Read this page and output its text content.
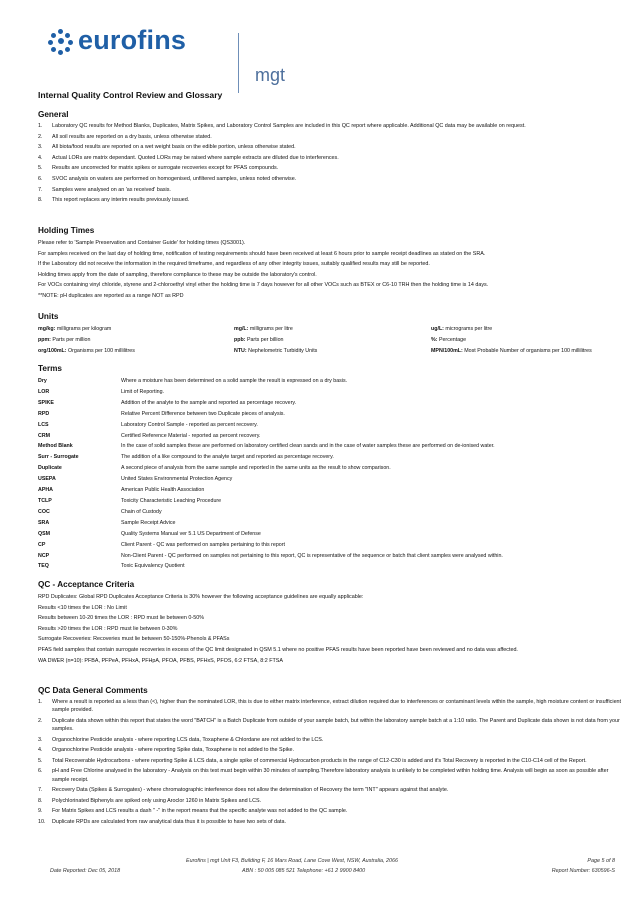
eurofins
mgt
Internal Quality Control Review and Glossary
General
1. Laboratory QC results for Method Blanks, Duplicates, Matrix Spikes, and Laboratory Control Samples are included in this QC report where applicable. Additional QC data may be available on request.
2. All soil results are reported on a dry basis, unless otherwise stated.
3. All biota/food results are reported on a wet weight basis on the edible portion, unless otherwise stated.
4. Actual LORs are matrix dependant. Quoted LORs may be raised where sample extracts are diluted due to interferences.
5. Results are uncorrected for matrix spikes or surrogate recoveries except for PFAS compounds.
6. SVOC analysis on waters are performed on homogenised, unfiltered samples, unless noted otherwise.
7. Samples were analysed on an 'as received' basis.
8. This report replaces any interim results previously issued.
Holding Times

Please refer to 'Sample Preservation and Container Guide' for holding times (QS3001).

For samples received on the last day of holding time, notification of testing requirements should have been received at least 6 hours prior to sample receipt deadlines as stated on the SRA.

If the Laboratory did not receive the information in the required timeframe, and regardless of any other integrity issues, suitably qualified results may still be reported.

Holding times apply from the date of sampling, therefore compliance to these may be outside the laboratory's control.

For VOCs containing vinyl chloride, styrene and 2-chloroethyl vinyl ether the holding time is 7 days however for all other VOCs such as BTEX or C6-10 TRH then the holding time is 14 days.

**NOTE: pH duplicates are reported as a range NOT as RPD

Units
mg/kg: milligrams per kilogram	mg/L: milligrams per litre	ug/L: micrograms per litre
ppm: Parts per million	ppb: Parts per billion	%: Percentage
org/100mL: Organisms per 100 millilitres	NTU: Nephelometric Turbidity Units	MPN/100mL: Most Probable Number of organisms per 100 millilitres
Terms
Dry	Where a moisture has been determined on a solid sample the result is expressed on a dry basis.
LOR	Limit of Reporting.
SPIKE	Addition of the analyte to the sample and reported as percentage recovery.
RPD	Relative Percent Difference between two Duplicate pieces of analysis.
LCS	Laboratory Control Sample - reported as percent recovery.
CRM	Certified Reference Material - reported as percent recovery.
Method Blank	In the case of solid samples these are performed on laboratory certified clean sands and in the case of water samples these are performed on de-ionised water.
Surr - Surrogate	The addition of a like compound to the analyte target and reported as percentage recovery.
Duplicate	A second piece of analysis from the same sample and reported in the same units as the result to show comparison.
USEPA	United States Environmental Protection Agency
APHA	American Public Health Association
TCLP	Toxicity Characteristic Leaching Procedure
COC	Chain of Custody
SRA	Sample Receipt Advice
QSM	Quality Systems Manual ver 5.1 US Department of Defense
CP	Client Parent - QC was performed on samples pertaining to this report
NCP	Non-Client Parent - QC performed on samples not pertaining to this report, QC is representative of the sequence or batch that client samples were analysed within.
TEQ	Toxic Equivalency Quotient
QC - Acceptance Criteria

RPD Duplicates: Global RPD Duplicates Acceptance Criteria is 30% however the following acceptance guidelines are equally applicable:

Results <10 times the LOR : No Limit

Results between 10-20 times the LOR : RPD must lie between 0-50%

Results >20 times the LOR : RPD must lie between 0-30%

Surrogate Recoveries: Recoveries must lie between 50-150%-Phenols & PFASs

PFAS field samples that contain surrogate recoveries in excess of the QC limit designated in QSM 5.1 where no positive PFAS results have been reported have been reviewed and no data was affected.

WA DWER (n=10): PFBA, PFPeA, PFHxA, PFHpA, PFOA, PFBS, PFHxS, PFOS, 6:2 FTSA, 8:2 FTSA

QC Data General Comments
1. Where a result is reported as a less than (<), higher than the nominated LOR, this is due to either matrix interference, extract dilution required due to interferences or contaminant levels within the sample, high moisture content or insufficient sample provided.
2. Duplicate data shown within this report that states the word "BATCH" is a Batch Duplicate from outside of your sample batch, but within the laboratory sample batch at a 1:10 ratio. The Parent and Duplicate data shown is not data from your samples.
3. Organochlorine Pesticide analysis - where reporting LCS data, Toxaphene & Chlordane are not added to the LCS.
4. Organochlorine Pesticide analysis - where reporting Spike data, Toxaphene is not added to the Spike.
5. Total Recoverable Hydrocarbons - where reporting Spike & LCS data, a single spike of commercial Hydrocarbon products in the range of C12-C30 is added and it's Total Recovery is reported in the C10-C14 cell of the Report.
6. pH and Free Chlorine analysed in the laboratory - Analysis on this test must begin within 30 minutes of sampling.Therefore laboratory analysis is unlikely to be completed within holding time. Analysis will begin as soon as possible after sample receipt.
7. Recovery Data (Spikes & Surrogates) - where chromatographic interference does not allow the determination of Recovery the term "INT" appears against that analyte.
8. Polychlorinated Biphenyls are spiked only using Aroclor 1260 in Matrix Spikes and LCS.
9. For Matrix Spikes and LCS results a dash " -" in the report means that the specific analyte was not added to the QC sample.
10. Duplicate RPDs are calculated from raw analytical data thus it is possible to have two sets of data.
Eurofins | mgt Unit F3, Building F, 16 Mars Road, Lane Cove West, NSW, Australia, 2066	Page 5 of 8
Date Reported: Dec 05, 2018	ABN : 50 005 085 521 Telephone: +61 2 9900 8400	Report Number: 630596-S
